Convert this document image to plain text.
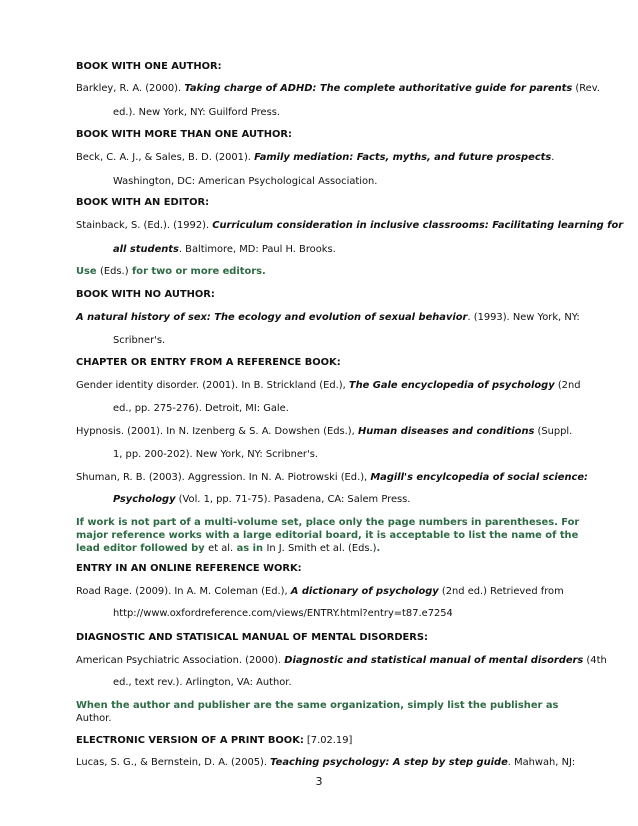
BOOK WITH ONE AUTHOR:

Barkley, R. A. (2000). Taking charge of ADHD: The complete authoritative guide for parents (Rev.

ed.). New York, NY: Guilford Press.

BOOK WITH MORE THAN ONE AUTHOR:

Beck, C. A. J., & Sales, B. D. (2001). Family mediation: Facts, myths, and future prospects.

Washington, DC: American Psychological Association.

BOOK WITH AN EDITOR:

Stainback, S. (Ed.). (1992). Curriculum consideration in inclusive classrooms: Facilitating learning for

all students. Baltimore, MD: Paul H. Brooks.

Use (Eds.) for two or more editors.

BOOK WITH NO AUTHOR:

A natural history of sex: The ecology and evolution of sexual behavior. (1993). New York, NY:

Scribner's.

CHAPTER OR ENTRY FROM A REFERENCE BOOK:

Gender identity disorder. (2001). In B. Strickland (Ed.), The Gale encyclopedia of psychology (2nd

ed., pp. 275-276). Detroit, MI: Gale.

Hypnosis. (2001). In N. Izenberg & S. A. Dowshen (Eds.), Human diseases and conditions (Suppl.

1, pp. 200-202). New York, NY: Scribner's.

Shuman, R. B. (2003). Aggression. In N. A. Piotrowski (Ed.), Magill's encylcopedia of social science:

Psychology (Vol. 1, pp. 71-75). Pasadena, CA: Salem Press.

If work is not part of a multi-volume set, place only the page numbers in parentheses. For

major reference works with a large editorial board, it is acceptable to list the name of the

lead editor followed by et al. as in In J. Smith et al. (Eds.).

ENTRY IN AN ONLINE REFERENCE WORK:

Road Rage. (2009). In A. M. Coleman (Ed.), A dictionary of psychology (2nd ed.) Retrieved from

http://www.oxfordreference.com/views/ENTRY.html?entry=t87.e7254

DIAGNOSTIC AND STATISICAL MANUAL OF MENTAL DISORDERS:

American Psychiatric Association. (2000). Diagnostic and statistical manual of mental disorders (4th

ed., text rev.). Arlington, VA: Author.

When the author and publisher are the same organization, simply list the publisher as

Author.

ELECTRONIC VERSION OF A PRINT BOOK: [7.02.19]

Lucas, S. G., & Bernstein, D. A. (2005). Teaching psychology: A step by step guide. Mahwah, NJ:

3
